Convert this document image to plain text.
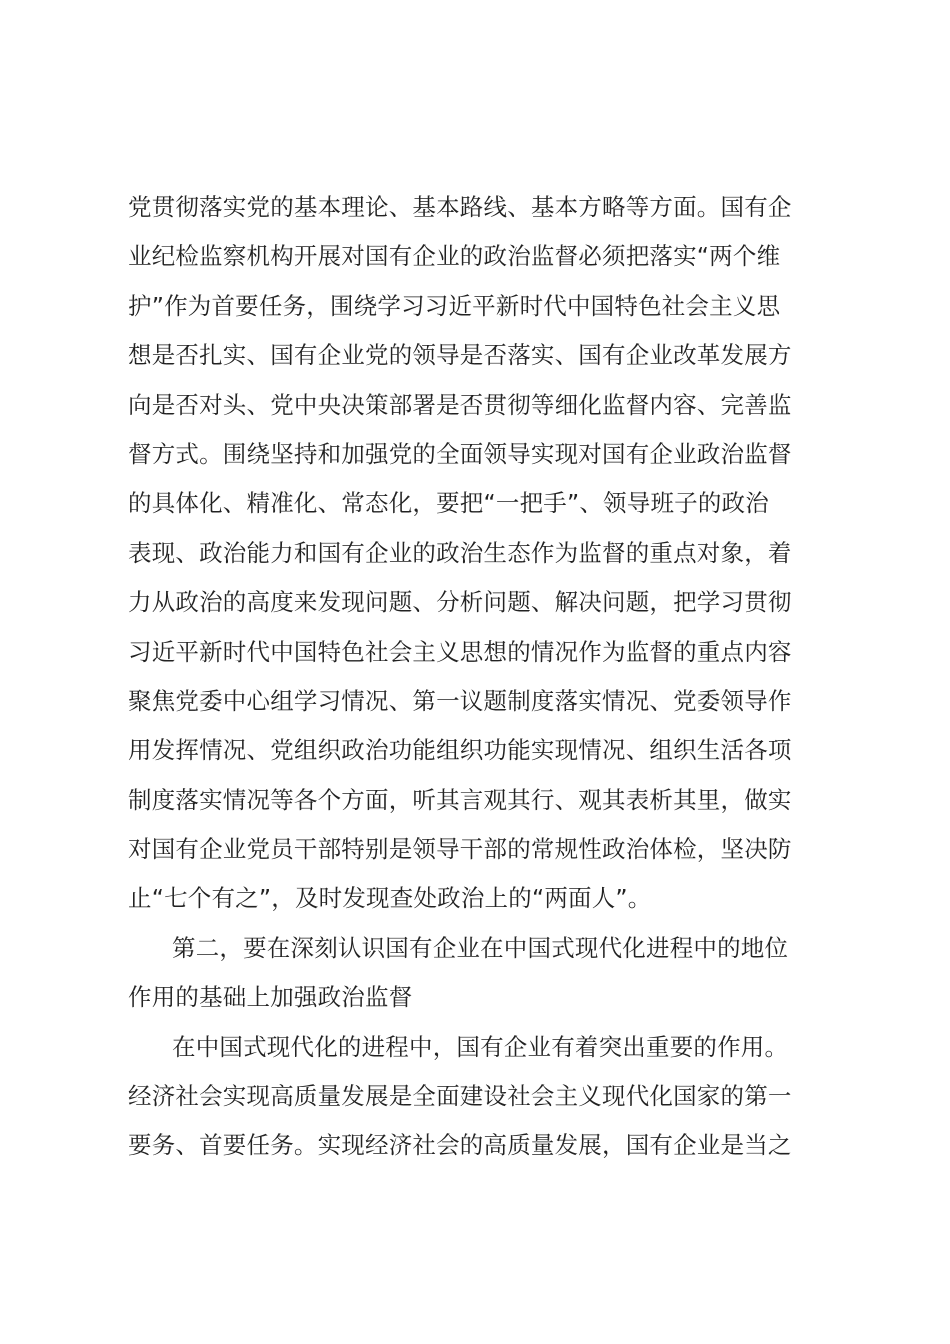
党贯彻落实党的基本理论、基本路线、基本方略等方面。国有企
业纪检监察机构开展对国有企业的政治监督必须把落实“两个维
护”作为首要任务，围绕学习习近平新时代中国特色社会主义思
想是否扎实、国有企业党的领导是否落实、国有企业改革发展方
向是否对头、党中央决策部署是否贯彻等细化监督内容、完善监
督方式。围绕坚持和加强党的全面领导实现对国有企业政治监督
的具体化、精准化、常态化，要把“一把手”、领导班子的政治
表现、政治能力和国有企业的政治生态作为监督的重点对象，着
力从政治的高度来发现问题、分析问题、解决问题，把学习贯彻
习近平新时代中国特色社会主义思想的情况作为监督的重点内容
聚焦党委中心组学习情况、第一议题制度落实情况、党委领导作
用发挥情况、党组织政治功能组织功能实现情况、组织生活各项
制度落实情况等各个方面，听其言观其行、观其表析其里，做实
对国有企业党员干部特别是领导干部的常规性政治体检，坚决防
止“七个有之”，及时发现查处政治上的“两面人”。
第二，要在深刻认识国有企业在中国式现代化进程中的地位
作用的基础上加强政治监督
在中国式现代化的进程中，国有企业有着突出重要的作用。
经济社会实现高质量发展是全面建设社会主义现代化国家的第一
要务、首要任务。实现经济社会的高质量发展，国有企业是当之
